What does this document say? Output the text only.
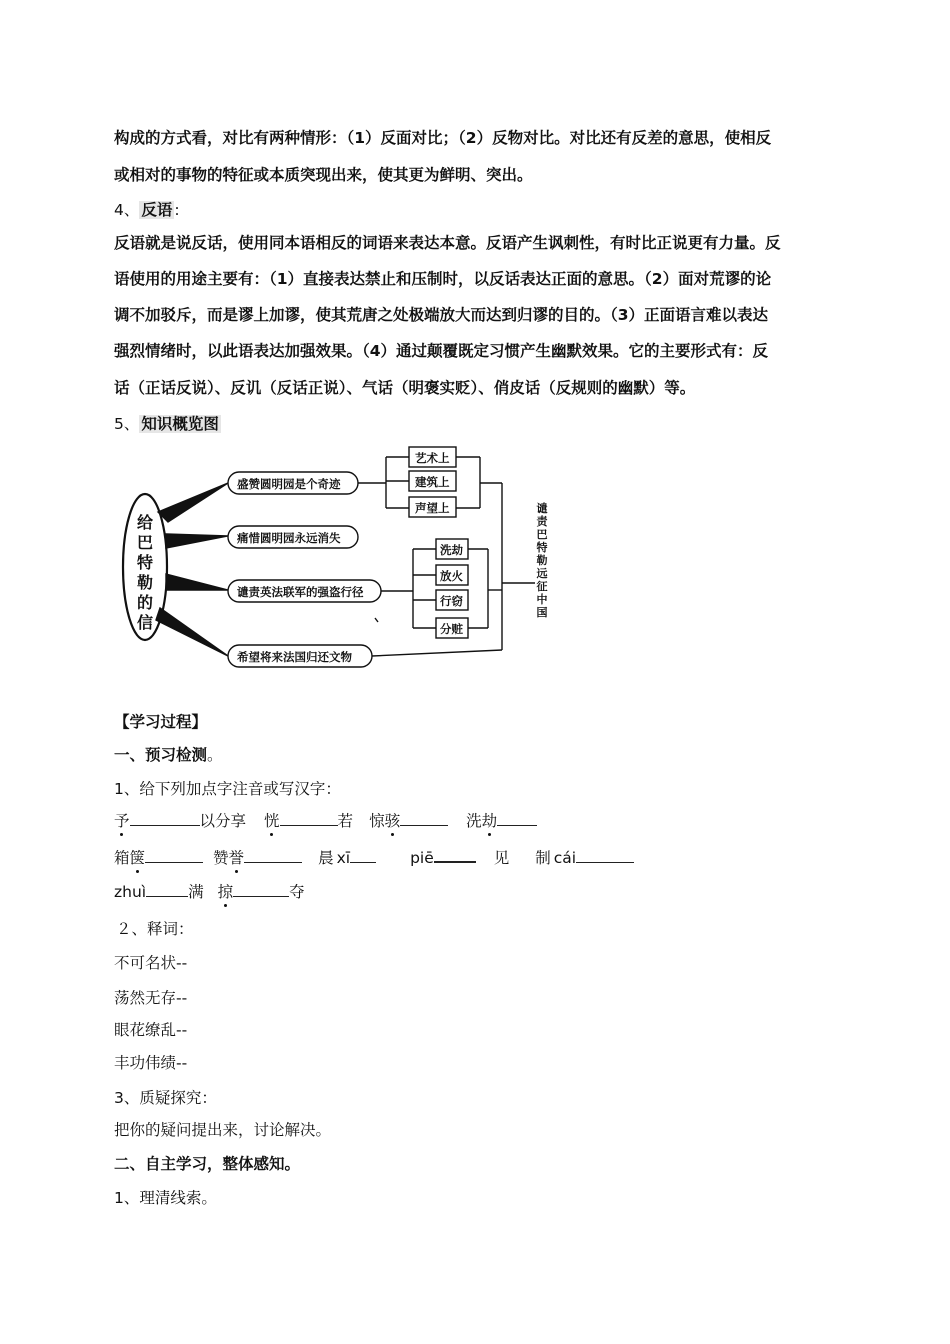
构成的方式看，对比有两种情形：（1）反面对比；（2）反物对比。对比还有反差的意思，使相反
或相对的事物的特征或本质突现出来，使其更为鲜明、突出。
4、 反语 :
反语就是说反话，使用同本语相反的词语来表达本意。反语产生讽刺性，有时比正说更有力量。反
语使用的用途主要有：（1）直接表达禁止和压制时，以反话表达正面的意思。（2）面对荒谬的论
调不加驳斥，而是谬上加谬，使其荒唐之处极端放大而达到归谬的目的。（3）正面语言难以表达
强烈情绪时，以此语表达加强效果。（4）通过颠覆既定习惯产生幽默效果。它的主要形式有：反
话（正话反说）、反讥（反话正说）、气话（明褒实贬）、俏皮话（反规则的幽默）等。
5、 知识概览图
给
巴
特
勒
的
信
盛赞圆明园是个奇迹
痛惜圆明园永远消失
谴责英法联军的强盗行径
希望将来法国归还文物
艺术上
建筑上
声望上
洗劫
放火
行窃
分赃
谴
责
巴
特
勒
远
征
中
国
【学习过程】
一、预习检测。
1、给下列加点字注音或写汉字：
予	以分享 恍	若 惊骇	洗劫
箱箧	赞誉	晨 xī	piē	见 制 cái
zhuì	满 掠	夺
２、释词：
不可名状--
荡然无存--
眼花缭乱--
丰功伟绩--
3、质疑探究：
把你的疑问提出来，讨论解决。
二、自主学习，整体感知。
1、理清线索。
